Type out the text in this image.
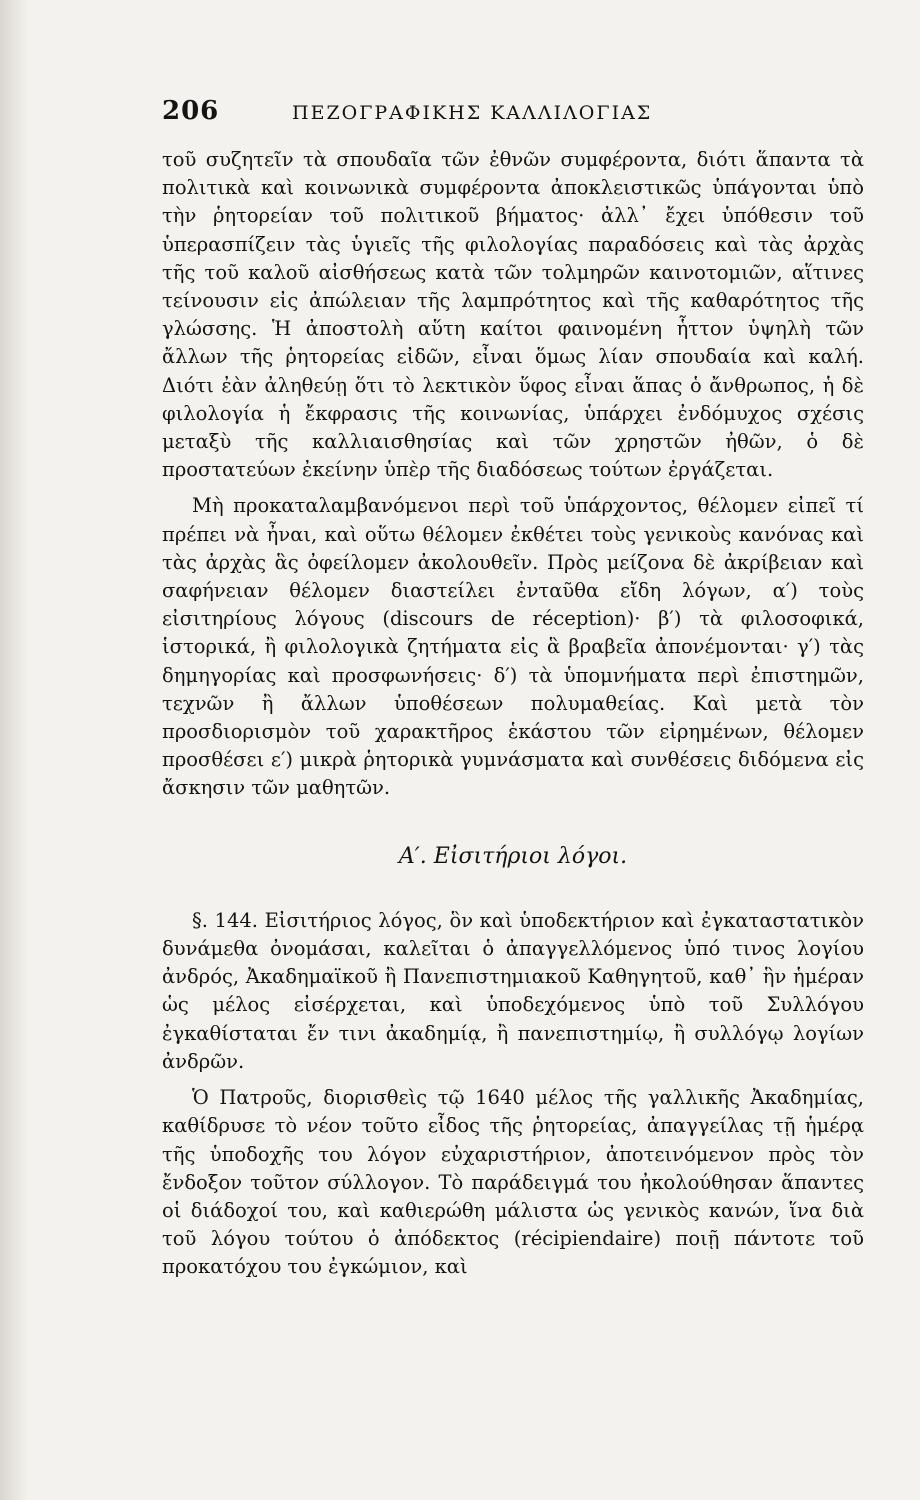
206	ΠΕΖΟΓΡΑΦΙΚΗΣ ΚΑΛΛΙΛΟΓΙΑΣ

τοῦ συζητεῖν τὰ σπουδαῖα τῶν ἐθνῶν συμφέροντα, διότι ἅπαντα τὰ πολιτικὰ καὶ κοινωνικὰ συμφέροντα ἀποκλειστικῶς ὑπάγονται ὑπὸ τὴν ῥητορείαν τοῦ πολιτικοῦ βήματος· ἀλλ᾽ ἔχει ὑπόθεσιν τοῦ ὑπερασπίζειν τὰς ὑγιεῖς τῆς φιλολογίας παραδόσεις καὶ τὰς ἀρχὰς τῆς τοῦ καλοῦ αἰσθήσεως κατὰ τῶν τολμηρῶν καινοτομιῶν, αἵτινες τείνουσιν εἰς ἀπώλειαν τῆς λαμπρότητος καὶ τῆς καθαρότητος τῆς γλώσσης. Ἡ ἀποστολὴ αὕτη καίτοι φαινομένη ἧττον ὑψηλὴ τῶν ἄλλων τῆς ῥητορείας εἰδῶν, εἶναι ὅμως λίαν σπουδαία καὶ καλή. Διότι ἐὰν ἀληθεύῃ ὅτι τὸ λεκτικὸν ὕφος εἶναι ἅπας ὁ ἄνθρωπος, ἡ δὲ φιλολογία ἡ ἔκφρασις τῆς κοινωνίας, ὑπάρχει ἐνδόμυχος σχέσις μεταξὺ τῆς καλλιαισθησίας καὶ τῶν χρηστῶν ἠθῶν, ὁ δὲ προστατεύων ἐκείνην ὑπὲρ τῆς διαδόσεως τούτων ἐργάζεται.

Μὴ προκαταλαμβανόμενοι περὶ τοῦ ὑπάρχοντος, θέλομεν εἰπεῖ τί πρέπει νὰ ἦναι, καὶ οὕτω θέλομεν ἐκθέτει τοὺς γενικοὺς κανόνας καὶ τὰς ἀρχὰς ἃς ὀφείλομεν ἀκολουθεῖν. Πρὸς μείζονα δὲ ἀκρίβειαν καὶ σαφήνειαν θέλομεν διαστείλει ἐνταῦθα εἴδη λόγων, α′) τοὺς εἰσιτηρίους λόγους (discours de réception)· β′) τὰ φιλοσοφικά, ἱστορικά, ἢ φιλολογικὰ ζητήματα εἰς ἃ βραβεῖα ἀπονέμονται· γ′) τὰς δημηγορίας καὶ προσφωνήσεις· δ′) τὰ ὑπομνήματα περὶ ἐπιστημῶν, τεχνῶν ἢ ἄλλων ὑποθέσεων πολυμαθείας. Καὶ μετὰ τὸν προσδιορισμὸν τοῦ χαρακτῆρος ἑκάστου τῶν εἰρημένων, θέλομεν προσθέσει ε′) μικρὰ ῥητορικὰ γυμνάσματα καὶ συνθέσεις διδόμενα εἰς ἄσκησιν τῶν μαθητῶν.

Α′. Εἰσιτήριοι λόγοι.

§. 144. Εἰσιτήριος λόγος, ὃν καὶ ὑποδεκτήριον καὶ ἐγκαταστατικὸν δυνάμεθα ὀνομάσαι, καλεῖται ὁ ἀπαγγελλόμενος ὑπό τινος λογίου ἀνδρός, Ἀκαδημαϊκοῦ ἢ Πανεπιστημιακοῦ Καθηγητοῦ, καθ᾽ ἣν ἡμέραν ὡς μέλος εἰσέρχεται, καὶ ὑποδεχόμενος ὑπὸ τοῦ Συλλόγου ἐγκαθίσταται ἔν τινι ἀκαδημίᾳ, ἢ πανεπιστημίῳ, ἢ συλλόγῳ λογίων ἀνδρῶν.

Ὁ Πατροῦς, διορισθεὶς τῷ 1640 μέλος τῆς γαλλικῆς Ἀκαδημίας, καθίδρυσε τὸ νέον τοῦτο εἶδος τῆς ῥητορείας, ἀπαγγείλας τῇ ἡμέρᾳ τῆς ὑποδοχῆς του λόγον εὐχαριστήριον, ἀποτεινόμενον πρὸς τὸν ἔνδοξον τοῦτον σύλλογον. Τὸ παράδειγμά του ἠκολούθησαν ἅπαντες οἱ διάδοχοί του, καὶ καθιερώθη μάλιστα ὡς γενικὸς κανών, ἵνα διὰ τοῦ λόγου τούτου ὁ ἀπόδεκτος (récipiendaire) ποιῇ πάντοτε τοῦ προκατόχου του ἐγκώμιον, καὶ
